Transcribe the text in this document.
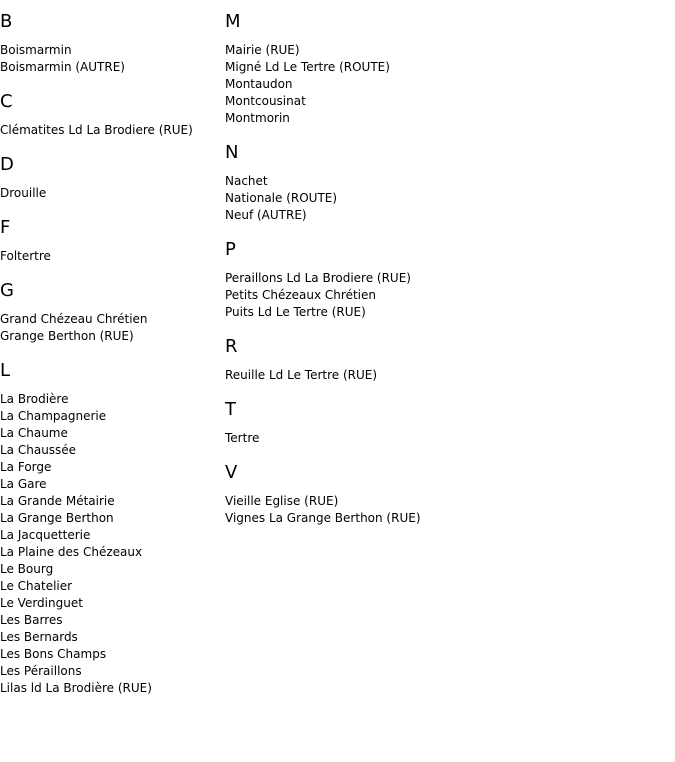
B
Boismarmin
Boismarmin (AUTRE)
C
Clématites Ld La Brodiere (RUE)
D
Drouille
F
Foltertre
G
Grand Chézeau Chrétien
Grange Berthon (RUE)
L
La Brodière
La Champagnerie
La Chaume
La Chaussée
La Forge
La Gare
La Grande Métairie
La Grange Berthon
La Jacquetterie
La Plaine des Chézeaux
Le Bourg
Le Chatelier
Le Verdinguet
Les Barres
Les Bernards
Les Bons Champs
Les Péraillons
Lilas ld La Brodière (RUE)
M
Mairie (RUE)
Migné Ld Le Tertre (ROUTE)
Montaudon
Montcousinat
Montmorin
N
Nachet
Nationale (ROUTE)
Neuf (AUTRE)
P
Peraillons Ld La Brodiere (RUE)
Petits Chézeaux Chrétien
Puits Ld Le Tertre (RUE)
R
Reuille Ld Le Tertre (RUE)
T
Tertre
V
Vieille Eglise (RUE)
Vignes La Grange Berthon (RUE)
